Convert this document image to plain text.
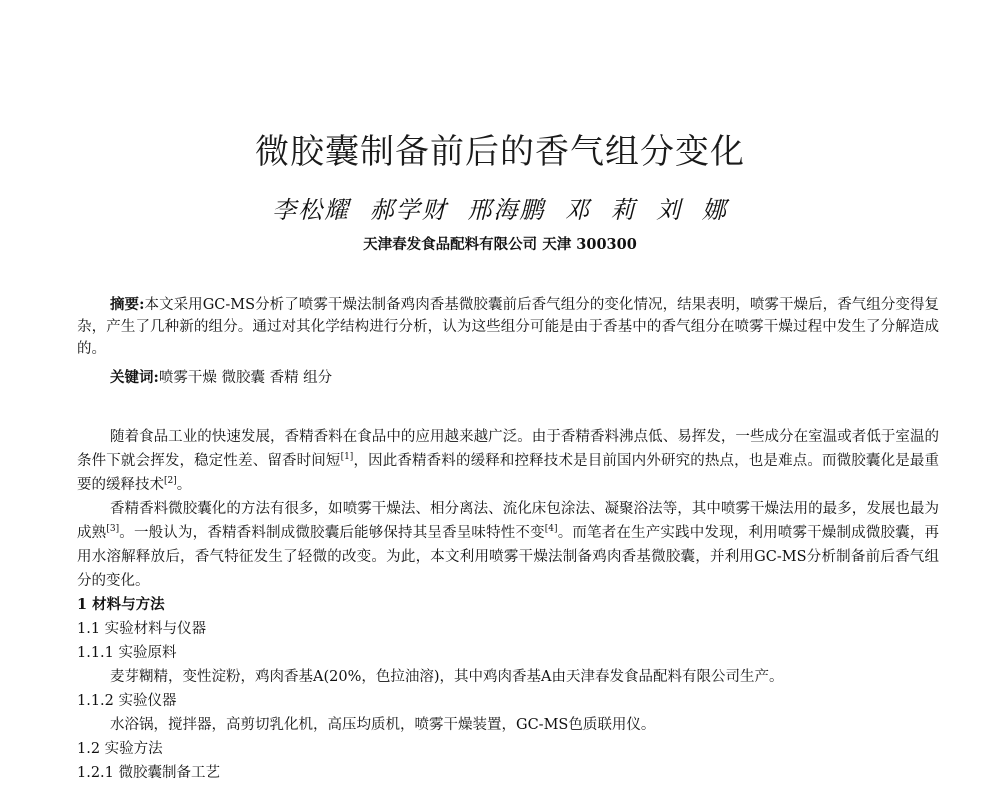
微胶囊制备前后的香气组分变化
李松耀 郝学财 邢海鹏 邓 莉 刘 娜
天津春发食品配料有限公司 天津 300300

摘要:本文采用GC-MS分析了喷雾干燥法制备鸡肉香基微胶囊前后香气组分的变化情况，结果表明，喷雾干燥后，香气组分变得复杂，产生了几种新的组分。通过对其化学结构进行分析，认为这些组分可能是由于香基中的香气组分在喷雾干燥过程中发生了分解造成的。

关键词:喷雾干燥 微胶囊 香精 组分

随着食品工业的快速发展，香精香料在食品中的应用越来越广泛。由于香精香料沸点低、易挥发，一些成分在室温或者低于室温的条件下就会挥发，稳定性差、留香时间短[1]，因此香精香料的缓释和控释技术是目前国内外研究的热点，也是难点。而微胶囊化是最重要的缓释技术[2]。

香精香料微胶囊化的方法有很多，如喷雾干燥法、相分离法、流化床包涂法、凝聚浴法等，其中喷雾干燥法用的最多，发展也最为成熟[3]。一般认为，香精香料制成微胶囊后能够保持其呈香呈味特性不变[4]。而笔者在生产实践中发现，利用喷雾干燥制成微胶囊，再用水溶解释放后，香气特征发生了轻微的改变。为此，本文利用喷雾干燥法制备鸡肉香基微胶囊，并利用GC-MS分析制备前后香气组分的变化。

1 材料与方法
1.1 实验材料与仪器
1.1.1 实验原料

麦芽糊精，变性淀粉，鸡肉香基A(20%，色拉油溶)，其中鸡肉香基A由天津春发食品配料有限公司生产。

1.1.2 实验仪器

水浴锅，搅拌器，高剪切乳化机，高压均质机，喷雾干燥装置，GC-MS色质联用仪。

1.2 实验方法
1.2.1 微胶囊制备工艺
